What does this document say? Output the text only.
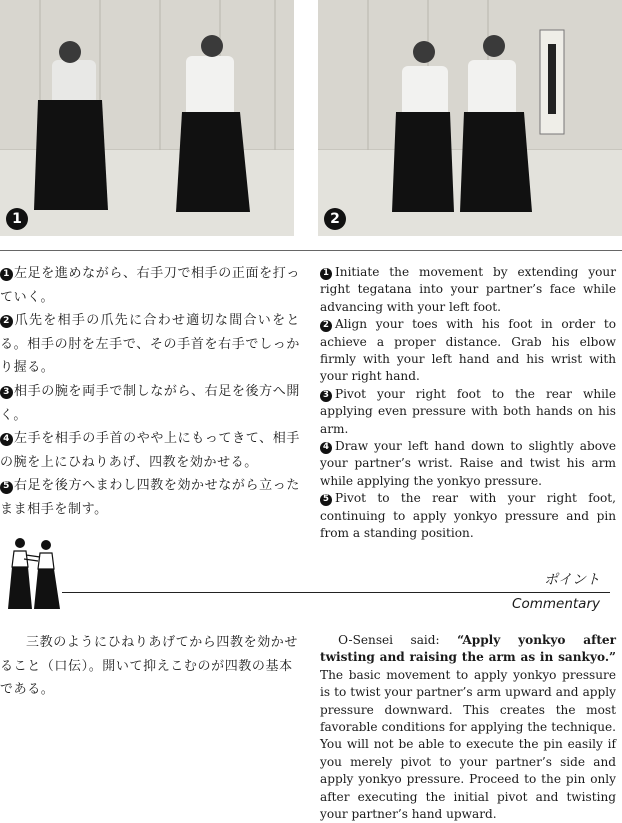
1	2

1 左足を進めながら、右手刀で相手の正面を打っていく。

2 爪先を相手の爪先に合わせ適切な間合いをとる。相手の肘を左手で、その手首を右手でしっかり握る。

3 相手の腕を両手で制しながら、右足を後方へ開く。

4 左手を相手の手首のやや上にもってきて、相手の腕を上にひねりあげ、四教を効かせる。

5 右足を後方へまわし四教を効かせながら立ったまま相手を制す。

1 Initiate the movement by extending your right tegatana into your partner’s face while advancing with your left foot.

2 Align your toes with his foot in order to achieve a proper distance. Grab his elbow firmly with your left hand and his wrist with your right hand.

3 Pivot your right foot to the rear while applying even pressure with both hands on his arm.

4 Draw your left hand down to slightly above your partner’s wrist. Raise and twist his arm while applying the yonkyo pressure.

5 Pivot to the rear with your right foot, continuing to apply yonkyo pressure and pin from a standing position.

ポイント
Commentary

三教のようにひねりあげてから四教を効かせること（口伝）。開いて抑えこむのが四教の基本である。

O-Sensei said: “Apply yonkyo after twisting and raising the arm as in sankyo.” The basic movement to apply yonkyo pressure is to twist your partner’s arm upward and apply pressure downward. This creates the most favorable conditions for applying the technique. You will not be able to execute the pin easily if you merely pivot to your partner’s side and apply yonkyo pressure. Proceed to the pin only after executing the initial pivot and twisting your partner’s hand upward.
